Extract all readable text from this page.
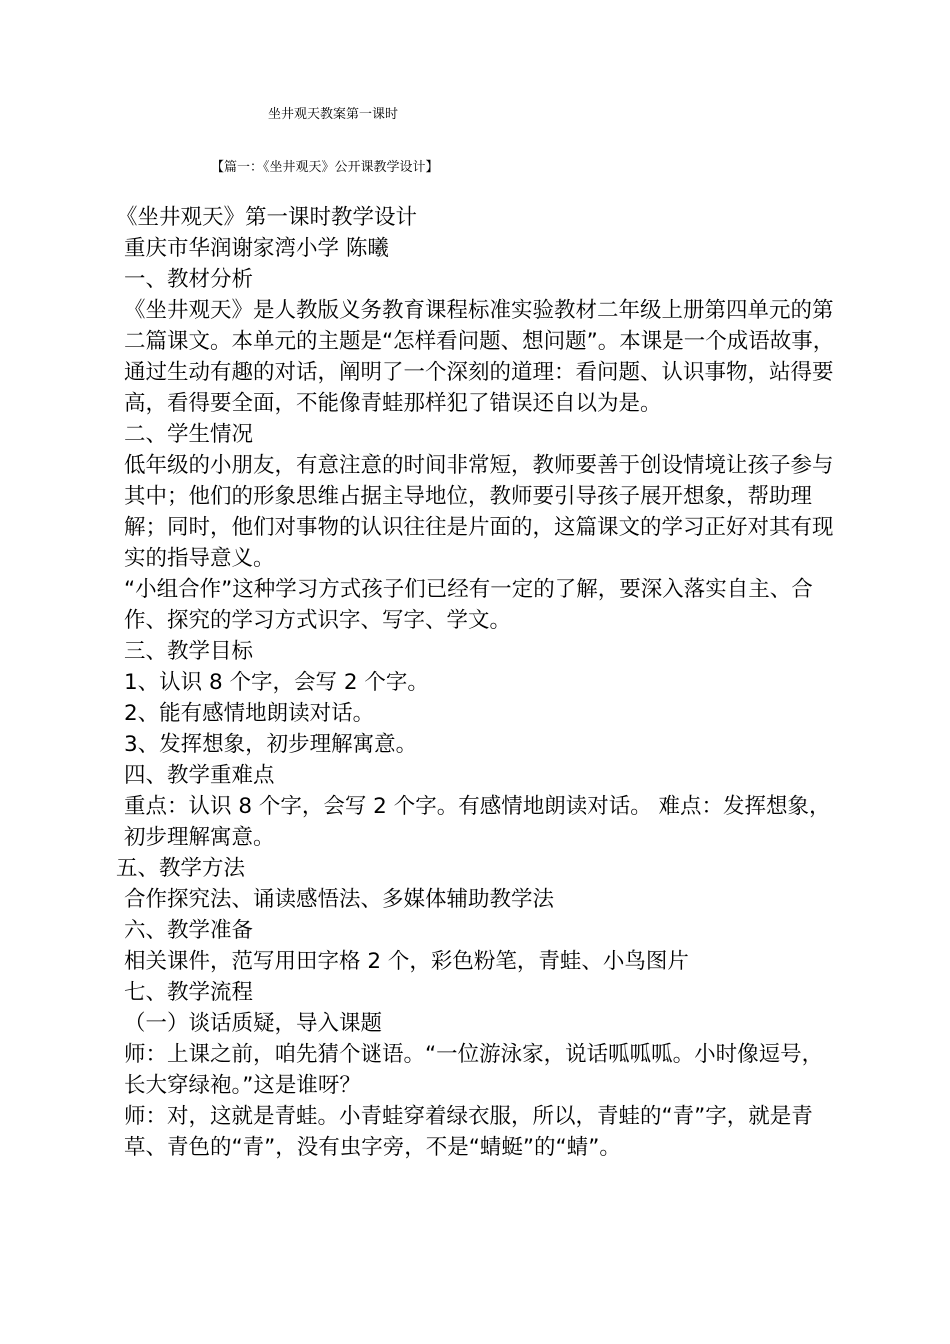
坐井观天教案第一课时
【篇一：《坐井观天》公开课教学设计】

《坐井观天》第一课时教学设计

重庆市华润谢家湾小学 陈曦

一、教材分析

《坐井观天》是人教版义务教育课程标准实验教材二年级上册第四单元的第二篇课文。本单元的主题是“怎样看问题、想问题”。本课是一个成语故事，通过生动有趣的对话，阐明了一个深刻的道理：看问题、认识事物，站得要高，看得要全面，不能像青蛙那样犯了错误还自以为是。

二、学生情况

低年级的小朋友，有意注意的时间非常短，教师要善于创设情境让孩子参与其中；他们的形象思维占据主导地位，教师要引导孩子展开想象，帮助理解；同时，他们对事物的认识往往是片面的，这篇课文的学习正好对其有现实的指导意义。

“小组合作”这种学习方式孩子们已经有一定的了解，要深入落实自主、合作、探究的学习方式识字、写字、学文。

三、教学目标

1、认识 8 个字，会写 2 个字。

2、能有感情地朗读对话。

3、发挥想象，初步理解寓意。

四、教学重难点

重点：认识 8 个字，会写 2 个字。有感情地朗读对话。 难点：发挥想象，初步理解寓意。

五、教学方法

合作探究法、诵读感悟法、多媒体辅助教学法

六、教学准备

相关课件，范写用田字格 2 个，彩色粉笔，青蛙、小鸟图片

七、教学流程

（一）谈话质疑，导入课题

师：上课之前，咱先猜个谜语。“一位游泳家，说话呱呱呱。小时像逗号，长大穿绿袍。”这是谁呀？

师：对，这就是青蛙。小青蛙穿着绿衣服，所以，青蛙的“青”字，就是青草、青色的“青”，没有虫字旁，不是“蜻蜓”的“蜻”。
